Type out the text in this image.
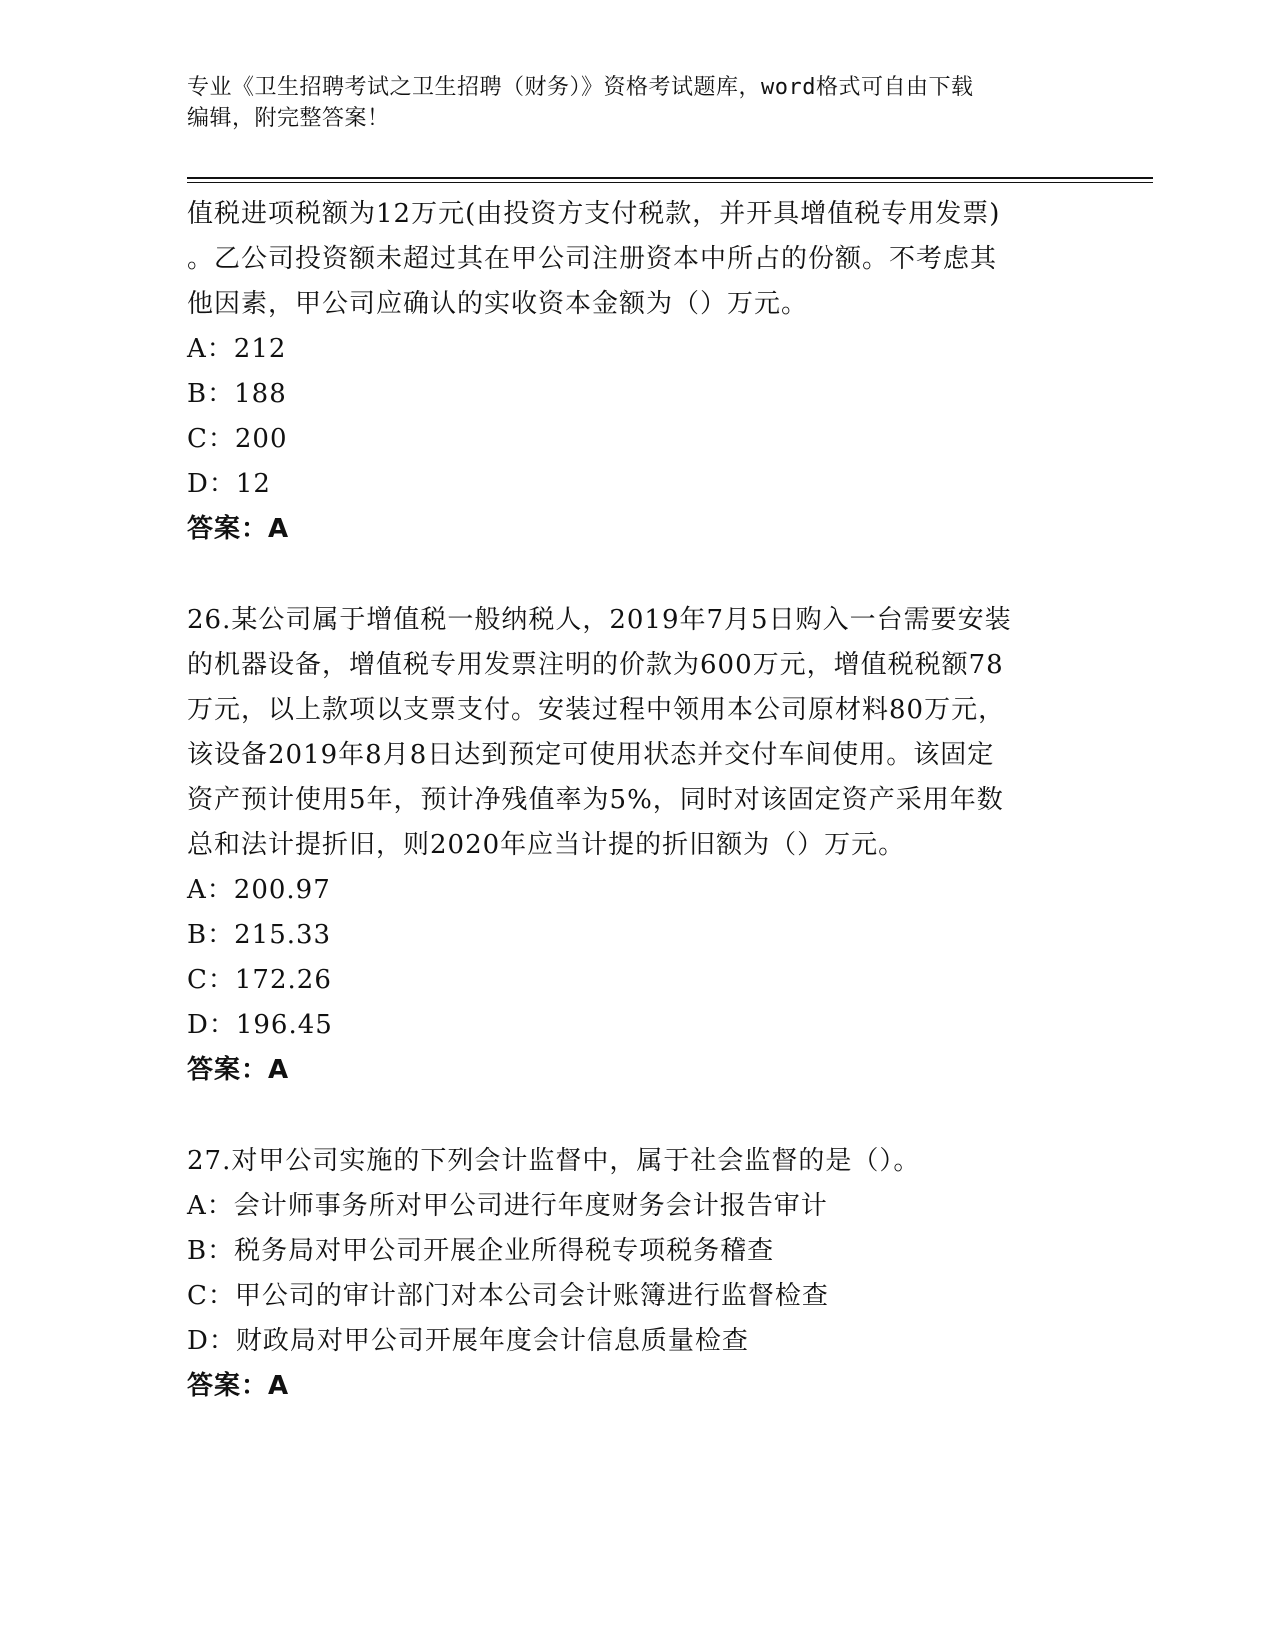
专业《卫生招聘考试之卫生招聘（财务）》资格考试题库，word格式可自由下载
编辑，附完整答案！

值税进项税额为12万元(由投资方支付税款，并开具增值税专用发票)

。乙公司投资额未超过其在甲公司注册资本中所占的份额。不考虑其

他因素，甲公司应确认的实收资本金额为（）万元。

A：212

B：188

C：200

D：12

答案：A

26.某公司属于增值税一般纳税人，2019年7月5日购入一台需要安装

的机器设备，增值税专用发票注明的价款为600万元，增值税税额78

万元，以上款项以支票支付。安装过程中领用本公司原材料80万元，

该设备2019年8月8日达到预定可使用状态并交付车间使用。该固定

资产预计使用5年，预计净残值率为5%，同时对该固定资产采用年数

总和法计提折旧，则2020年应当计提的折旧额为（）万元。

A：200.97

B：215.33

C：172.26

D：196.45

答案：A

27.对甲公司实施的下列会计监督中，属于社会监督的是（）。

A：会计师事务所对甲公司进行年度财务会计报告审计

B：税务局对甲公司开展企业所得税专项税务稽查

C：甲公司的审计部门对本公司会计账簿进行监督检查

D：财政局对甲公司开展年度会计信息质量检查

答案：A
